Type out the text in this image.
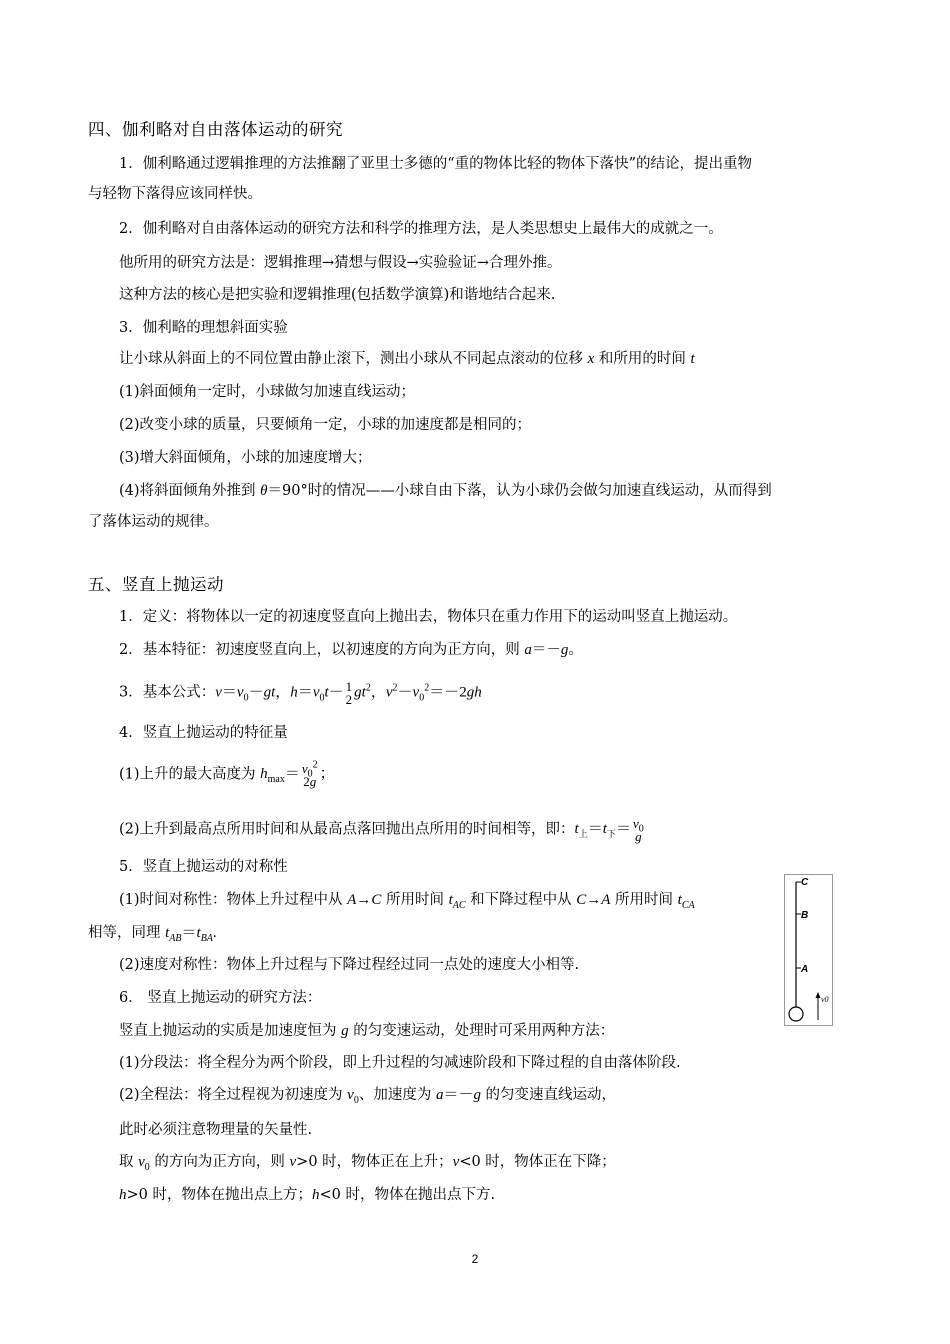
四、伽利略对自由落体运动的研究
1．伽利略通过逻辑推理的方法推翻了亚里士多德的“重的物体比轻的物体下落快”的结论，提出重物
与轻物下落得应该同样快。
2．伽利略对自由落体运动的研究方法和科学的推理方法，是人类思想史上最伟大的成就之一。
他所用的研究方法是：逻辑推理→猜想与假设→实验验证→合理外推。
这种方法的核心是把实验和逻辑推理(包括数学演算)和谐地结合起来.
3．伽利略的理想斜面实验
让小球从斜面上的不同位置由静止滚下，测出小球从不同起点滚动的位移 x 和所用的时间 t
(1)斜面倾角一定时，小球做匀加速直线运动；
(2)改变小球的质量，只要倾角一定，小球的加速度都是相同的；
(3)增大斜面倾角，小球的加速度增大；
(4)将斜面倾角外推到 θ＝90°时的情况——小球自由下落，认为小球仍会做匀加速直线运动，从而得到
了落体运动的规律。
五、竖直上抛运动
1．定义：将物体以一定的初速度竖直向上抛出去，物体只在重力作用下的运动叫竖直上抛运动。
2．基本特征：初速度竖直向上，以初速度的方向为正方向，则 a＝－g。
3．基本公式：$v=v_0-gt$，$h=v_0t- 1$
2 $gt^2$，$v^2-v_0^2=-2gh$
4．竖直上抛运动的特征量
(1)上升的最大高度为 $h_{max}= v_0^2$
2g ；
(2)上升到最高点所用时间和从最高点落回抛出点所用的时间相等，即：$t_上=t_下= v_0$
g
5．竖直上抛运动的对称性
(1)时间对称性：物体上升过程中从 A→C 所用时间 $t_{AC}$ 和下降过程中从 C→A 所用时间 $t_{CA}$
相等，同理 $t_{AB}=t_{BA}$.
(2)速度对称性：物体上升过程与下降过程经过同一点处的速度大小相等.
6． 竖直上抛运动的研究方法：
竖直上抛运动的实质是加速度恒为 g 的匀变速运动，处理时可采用两种方法：
(1)分段法：将全程分为两个阶段，即上升过程的匀减速阶段和下降过程的自由落体阶段.
(2)全程法：将全过程视为初速度为 $v_0$、加速度为 a＝－g 的匀变速直线运动，
此时必须注意物理量的矢量性.
取 $v_0$ 的方向为正方向，则 v>0 时，物体正在上升；v<0 时，物体正在下降；
h>0 时，物体在抛出点上方；h<0 时，物体在抛出点下方.
C
B
A
v0
2
